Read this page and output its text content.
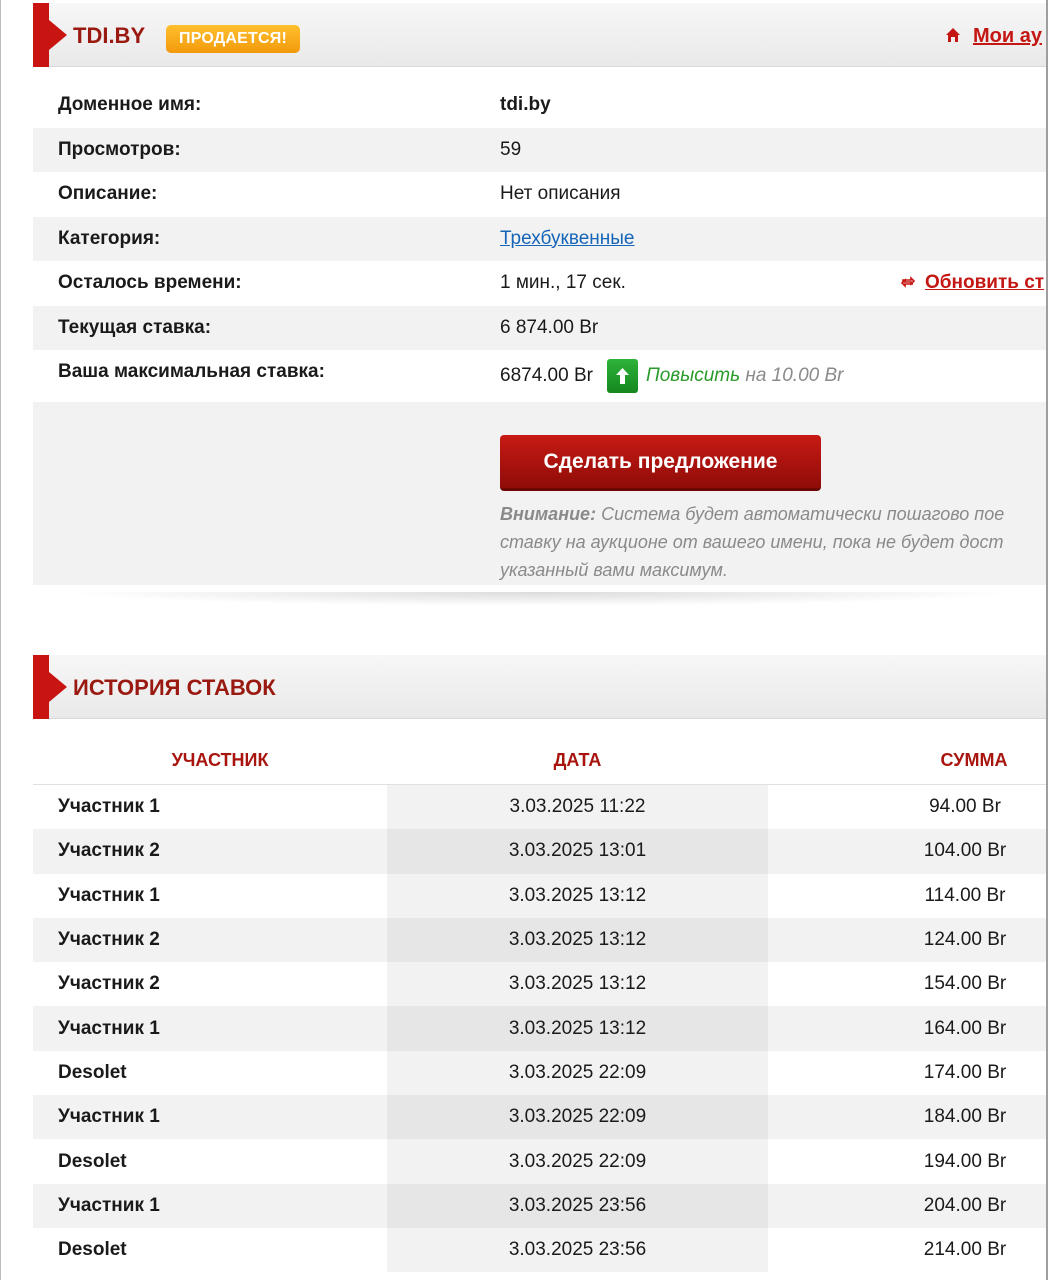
TDI.BY	ПРОДАЕТСЯ!	Мои ау
Доменное имя:	tdi.by
Просмотров:	59
Описание:	Нет описания
Категория:	Трехбуквенные
Осталось времени:	1 мин., 17 сек.	Обновить ст
Текущая ставка:	6 874.00 Br
Ваша максимальная ставка:	6874.00 Br	Повысить на 10.00 Br
Сделать предложение
Внимание: Система будет автоматически пошагово пое ставку на аукционе от вашего имени, пока не будет дост указанный вами максимум.
ИСТОРИЯ СТАВОК
УЧАСТНИК	ДАТА	СУММА
Участник 1	3.03.2025 11:22	94.00 Br
Участник 2	3.03.2025 13:01	104.00 Br
Участник 1	3.03.2025 13:12	114.00 Br
Участник 2	3.03.2025 13:12	124.00 Br
Участник 2	3.03.2025 13:12	154.00 Br
Участник 1	3.03.2025 13:12	164.00 Br
Desolet	3.03.2025 22:09	174.00 Br
Участник 1	3.03.2025 22:09	184.00 Br
Desolet	3.03.2025 22:09	194.00 Br
Участник 1	3.03.2025 23:56	204.00 Br
Desolet	3.03.2025 23:56	214.00 Br
